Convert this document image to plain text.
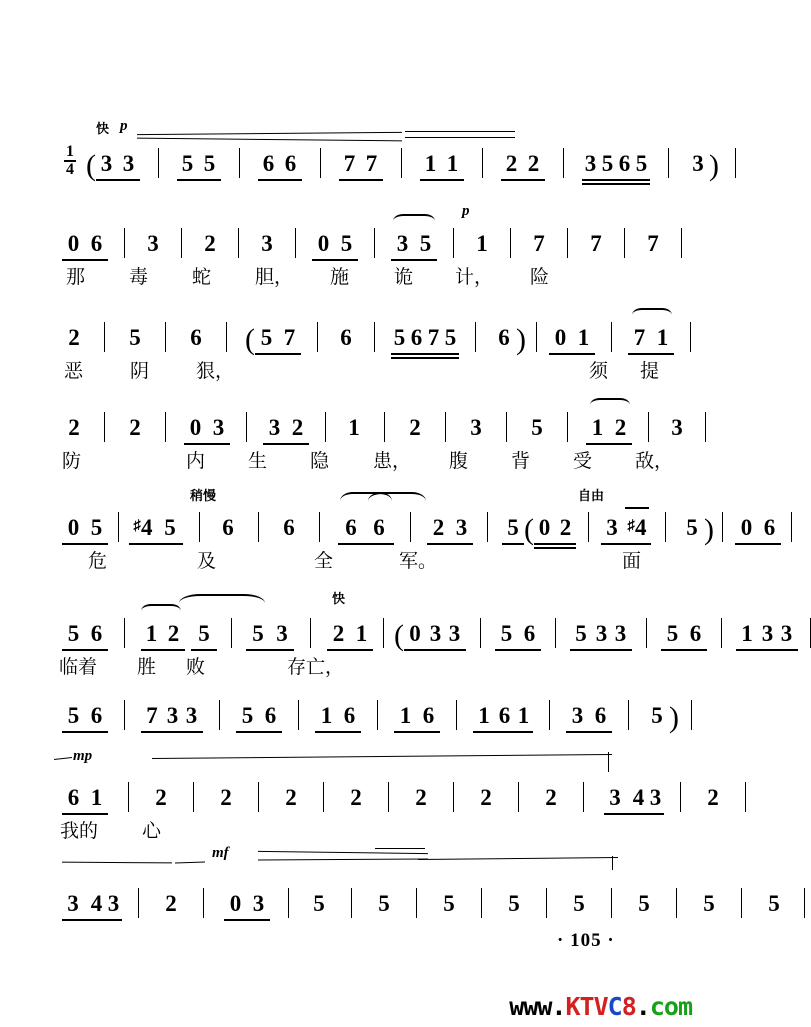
快 p
$\frac{1}{4}$ ( 3 3 5 5 6 6 7 7 1 1 2 2 3 5 6 5 3 )
p
0 6 3 2 3 0 5 3 5 1 7 7 7
那 毒 蛇 胆， 施 诡 计， 险
2 5 6 ( 5 7 6 5 6 7 5 6 ) 0 1 7 1
恶 阴 狠，	须 提
2 2 0 3 3 2 1 2 3 5 1 2 3
防	内 生 隐 患， 腹 背 受 敌，
稍慢	自由
0 5 ♯4 5 6 6 6 6 2 3 5 ( 0 2 3 ♯4 5 ) 0 6
危	及	全	军。	面
快
5 6 1 2 5 5 3 2 1 ( 0 3 3 5 6 5 3 3 5 6 1 3 3
临着 胜 败	存亡，
5 6 7 3 3 5 6 1 6 1 6 1 6 1 3 6 5 )
mp
6 1 2 2 2 2 2 2 2 3 4 3 2
我的 心
mf
3 4 3 2 0 3 5 5 5 5 5 5 5 5
· 105 ·
www.KTVC8.com
